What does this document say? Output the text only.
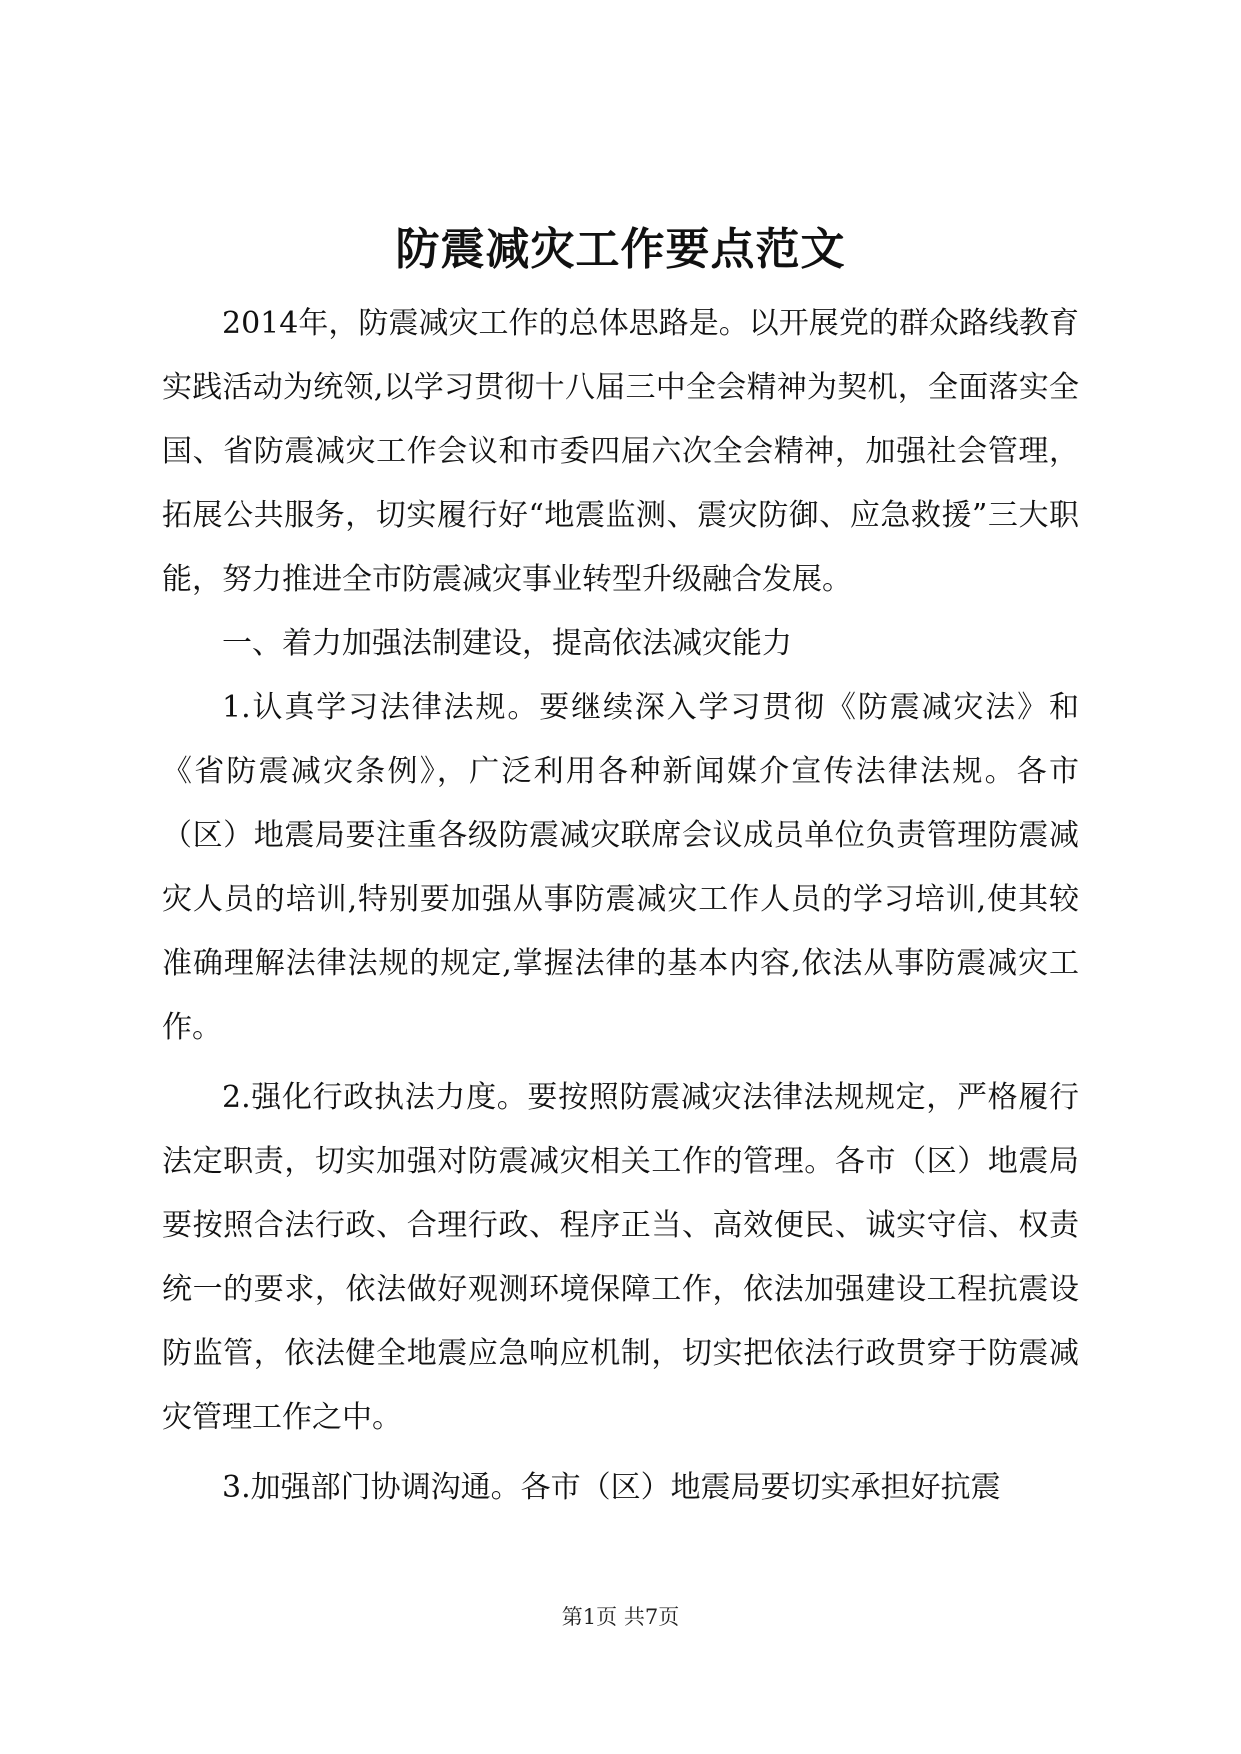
防震减灾工作要点范文

2014年，防震减灾工作的总体思路是。以开展党的群众路线教育实践活动为统领,以学习贯彻十八届三中全会精神为契机，全面落实全国、省防震减灾工作会议和市委四届六次全会精神，加强社会管理，拓展公共服务，切实履行好“地震监测、震灾防御、应急救援”三大职能，努力推进全市防震减灾事业转型升级融合发展。

一、着力加强法制建设，提高依法减灾能力

1.认真学习法律法规。要继续深入学习贯彻《防震减灾法》和《省防震减灾条例》，广泛利用各种新闻媒介宣传法律法规。各市（区）地震局要注重各级防震减灾联席会议成员单位负责管理防震减灾人员的培训,特别要加强从事防震减灾工作人员的学习培训,使其较准确理解法律法规的规定,掌握法律的基本内容,依法从事防震减灾工作。

2.强化行政执法力度。要按照防震减灾法律法规规定，严格履行法定职责，切实加强对防震减灾相关工作的管理。各市（区）地震局要按照合法行政、合理行政、程序正当、高效便民、诚实守信、权责统一的要求，依法做好观测环境保障工作，依法加强建设工程抗震设防监管，依法健全地震应急响应机制，切实把依法行政贯穿于防震减灾管理工作之中。

3.加强部门协调沟通。各市（区）地震局要切实承担好抗震

第1页 共7页
